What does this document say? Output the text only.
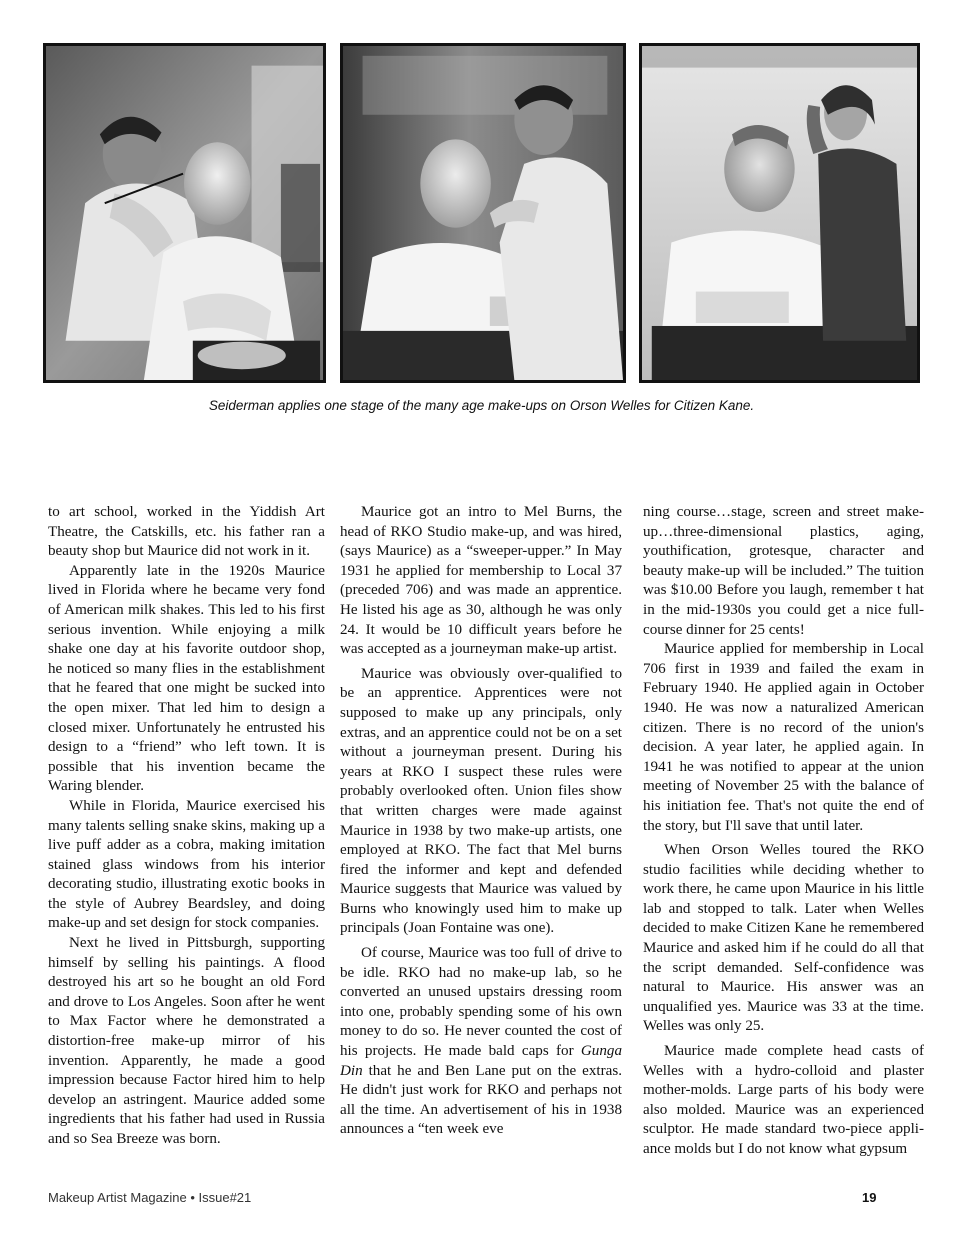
Seiderman applies one stage of the many age make-ups on Orson Welles for Citizen Kane.

to art school, worked in the Yiddish Art Theatre, the Catskills, etc. his father ran a beauty shop but Maurice did not work in it.

Apparently late in the 1920s Maurice lived in Florida where he became very fond of American milk shakes. This led to his first serious invention. While enjoying a milk shake one day at his favorite outdoor shop, he noticed so many flies in the establishment that he feared that one might be sucked into the open mixer. That led him to design a closed mixer. Unfortunately he entrusted his design to a “friend” who left town. It is possible that his invention became the Waring blender.

While in Florida, Maurice exercised his many talents selling snake skins, making up a live puff adder as a cobra, making imitation stained glass windows from his interior decorating studio, illustrating exotic books in the style of Aubrey Beardsley, and doing make-up and set design for stock companies.

Next he lived in Pittsburgh, supporting himself by selling his paintings. A flood destroyed his art so he bought an old Ford and drove to Los Angeles. Soon after he went to Max Factor where he demonstrated a distortion-free make-up mirror of his invention. Apparently, he made a good impression because Factor hired him to help develop an astringent. Maurice added some ingredients that his father had used in Russia and so Sea Breeze was born.

Maurice got an intro to Mel Burns, the head of RKO Studio make-up, and was hired, (says Maurice) as a “sweeper-upper.” In May 1931 he applied for membership to Local 37 (preceded 706) and was made an apprentice. He listed his age as 30, although he was only 24. It would be 10 difficult years before he was accepted as a journeyman make-up artist.

Maurice was obviously over-qualified to be an apprentice. Apprentices were not supposed to make up any principals, only extras, and an apprentice could not be on a set without a journeyman present. During his years at RKO I suspect these rules were probably overlooked often. Union files show that written charges were made against Maurice in 1938 by two make-up artists, one employed at RKO. The fact that Mel burns fired the informer and kept and defended Maurice suggests that Maurice was valued by Burns who knowingly used him to make up principals (Joan Fontaine was one).

Of course, Maurice was too full of drive to be idle. RKO had no make-up lab, so he converted an unused upstairs dressing room into one, probably spending some of his own money to do so. He never counted the cost of his projects. He made bald caps for Gunga Din that he and Ben Lane put on the extras. He didn't just work for RKO and perhaps not all the time. An advertisement of his in 1938 announces a “ten week eve

ning course…stage, screen and street make-up…three-dimensional plastics, aging, youthification, grotesque, character and beauty make-up will be included.” The tuition was $10.00 Before you laugh, remember t hat in the mid-1930s you could get a nice full-course dinner for 25 cents!

Maurice applied for membership in Local 706 first in 1939 and failed the exam in February 1940. He applied again in October 1940. He was now a naturalized American citizen. There is no record of the union's decision. A year later, he applied again. In 1941 he was notified to appear at the union meeting of November 25 with the balance of his initiation fee. That's not quite the end of the story, but I'll save that until later.

When Orson Welles toured the RKO studio facilities while deciding whether to work there, he came upon Maurice in his little lab and stopped to talk. Later when Welles decided to make Citizen Kane he remembered Maurice and asked him if he could do all that the script demanded. Self-confidence was natural to Maurice. His answer was an unqualified yes. Maurice was 33 at the time. Welles was only 25.

Maurice made complete head casts of Welles with a hydro-colloid and plaster mother-molds. Large parts of his body were also molded. Maurice was an experienced sculptor. He made standard two-piece appliance molds but I do not know what gypsum

Makeup Artist Magazine • Issue#21	19
